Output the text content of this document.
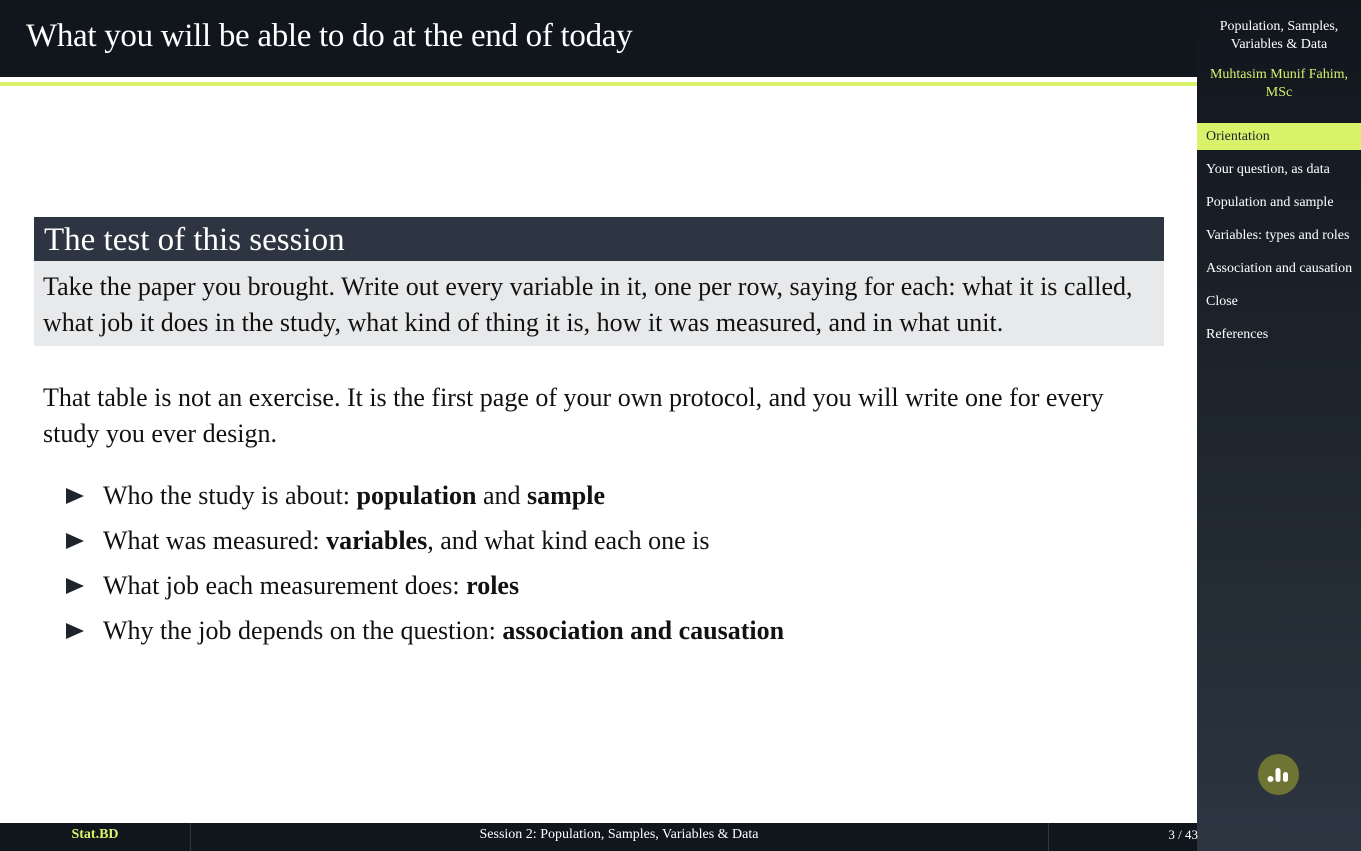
What you will be able to do at the end of today
The test of this session
Take the paper you brought. Write out every variable in it, one per row, saying for each: what it is called, what job it does in the study, what kind of thing it is, how it was measured, and in what unit.

That table is not an exercise. It is the first page of your own protocol, and you will write one for every study you ever design.

Who the study is about: population and sample
What was measured: variables, and what kind each one is
What job each measurement does: roles
Why the job depends on the question: association and causation
Population, Samples, Variables & Data
Muhtasim Munif Fahim, MSc
Orientation
Your question, as data
Population and sample
Variables: types and roles
Association and causation
Close
References
Stat.BD	Session 2: Population, Samples, Variables & Data	3 / 43
